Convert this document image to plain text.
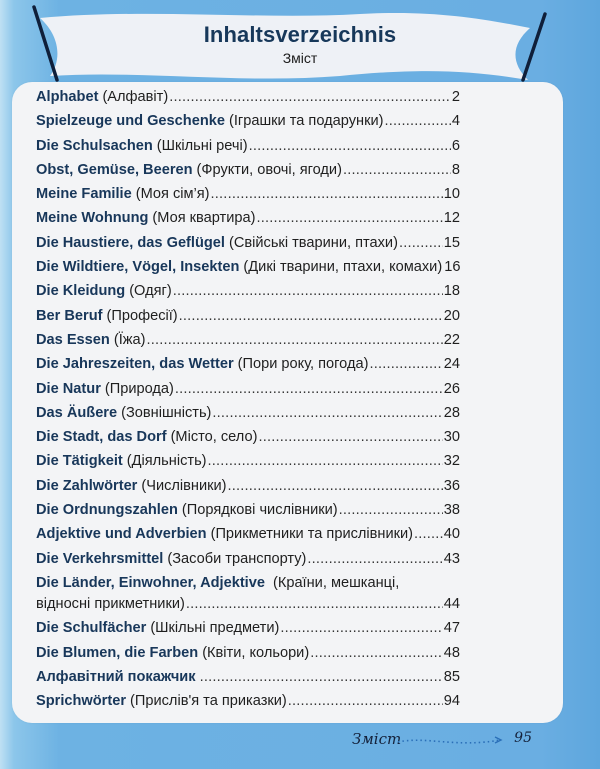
Inhaltsverzeichnis
Зміст
Alphabet (Алфавіт) .....	2
Spielzeuge und Geschenke (Іграшки та подарунки) .....	4
Die Schulsachen (Шкільні речі) .....	6
Obst, Gemüse, Beeren (Фрукти, овочі, ягоди) .....	8
Meine Familie (Моя сім’я) .....	10
Meine Wohnung (Моя квартира) .....	12
Die Haustiere, das Geflügel (Свійські тварини, птахи) .....	15
Die Wildtiere, Vögel, Insekten (Дикі тварини, птахи, комахи) 16
Die Kleidung (Одяг) .....	18
Ber Beruf (Професії) .....	20
Das Essen (Їжа) .....	22
Die Jahreszeiten, das Wetter (Пори року, погода) .....	24
Die Natur (Природа) .....	26
Das Äußere (Зовнішність) .....	28
Die Stadt, das Dorf (Місто, село) .....	30
Die Tätigkeit (Діяльність) .....	32
Die Zahlwörter (Числівники) .....	36
Die Ordnungszahlen (Порядкові числівники) .....	38
Adjektive und Adverbien (Прикметники та прислівники) ..... 40
Die Verkehrsmittel (Засоби транспорту) .....	43
Die Länder, Einwohner, Adjektive (Країни, мешканці,
відносні прикметники) .....	44
Die Schulfächer (Шкільні предмети) .....	47
Die Blumen, die Farben (Квіти, кольори) .....	48
Алфавітний покажчик .....	85
Sprichwörter (Прислів'я та приказки) .....	94
Зміст	95
